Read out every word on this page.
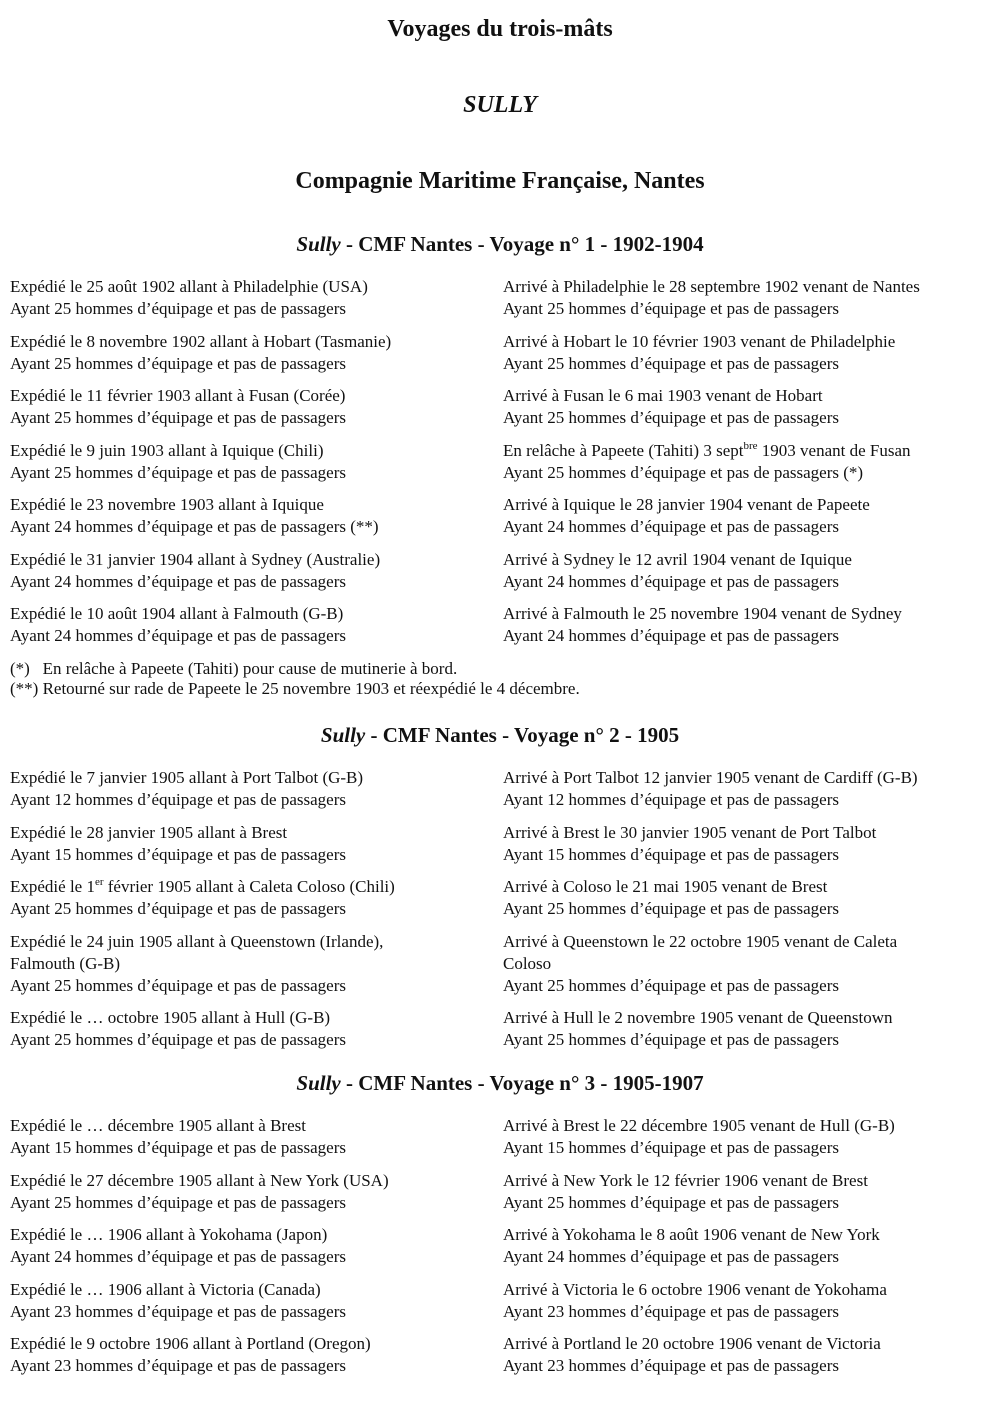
Voyages du trois-mâts
SULLY
Compagnie Maritime Française, Nantes
Sully - CMF Nantes - Voyage n° 1 - 1902-1904
Expédié le 25 août 1902 allant à Philadelphie (USA)
Ayant 25 hommes d’équipage et pas de passagers
Arrivé à Philadelphie le 28 septembre 1902 venant de Nantes
Ayant 25 hommes d’équipage et pas de passagers
Expédié le 8 novembre 1902 allant à Hobart (Tasmanie)
Ayant 25 hommes d’équipage et pas de passagers
Arrivé à Hobart le 10 février 1903 venant de Philadelphie
Ayant 25 hommes d’équipage et pas de passagers
Expédié le 11 février 1903 allant à Fusan (Corée)
Ayant 25 hommes d’équipage et pas de passagers
Arrivé à Fusan le 6 mai 1903 venant de Hobart
Ayant 25 hommes d’équipage et pas de passagers
Expédié le 9 juin 1903 allant à Iquique (Chili)
Ayant 25 hommes d’équipage et pas de passagers
En relâche à Papeete (Tahiti) 3 sept$^{bre}$ 1903 venant de Fusan
Ayant 25 hommes d’équipage et pas de passagers (*)
Expédié le 23 novembre 1903 allant à Iquique
Ayant 24 hommes d’équipage et pas de passagers (**)
Arrivé à Iquique le 28 janvier 1904 venant de Papeete
Ayant 24 hommes d’équipage et pas de passagers
Expédié le 31 janvier 1904 allant à Sydney (Australie)
Ayant 24 hommes d’équipage et pas de passagers
Arrivé à Sydney le 12 avril 1904 venant de Iquique
Ayant 24 hommes d’équipage et pas de passagers
Expédié le 10 août 1904 allant à Falmouth (G-B)
Ayant 24 hommes d’équipage et pas de passagers
Arrivé à Falmouth le 25 novembre 1904 venant de Sydney
Ayant 24 hommes d’équipage et pas de passagers
(*)   En relâche à Papeete (Tahiti) pour cause de mutinerie à bord.
(**) Retourné sur rade de Papeete le 25 novembre 1903 et réexpédié le 4 décembre.
Sully - CMF Nantes - Voyage n° 2 - 1905
Expédié le 7 janvier 1905 allant à Port Talbot (G-B)
Ayant 12 hommes d’équipage et pas de passagers
Arrivé à Port Talbot 12 janvier 1905 venant de Cardiff (G-B)
Ayant 12 hommes d’équipage et pas de passagers
Expédié le 28 janvier 1905 allant à Brest
Ayant 15 hommes d’équipage et pas de passagers
Arrivé à Brest le 30 janvier 1905 venant de Port Talbot
Ayant 15 hommes d’équipage et pas de passagers
Expédié le 1er février 1905 allant à Caleta Coloso (Chili)
Ayant 25 hommes d’équipage et pas de passagers
Arrivé à Coloso le 21 mai 1905 venant de Brest
Ayant 25 hommes d’équipage et pas de passagers
Expédié le 24 juin 1905 allant à Queenstown (Irlande),
Falmouth (G-B)
Ayant 25 hommes d’équipage et pas de passagers
Arrivé à Queenstown le 22 octobre 1905 venant de Caleta
Coloso
Ayant 25 hommes d’équipage et pas de passagers
Expédié le … octobre 1905 allant à Hull (G-B)
Ayant 25 hommes d’équipage et pas de passagers
Arrivé à Hull le 2 novembre 1905 venant de Queenstown
Ayant 25 hommes d’équipage et pas de passagers
Sully - CMF Nantes - Voyage n° 3 - 1905-1907
Expédié le … décembre 1905 allant à Brest
Ayant 15 hommes d’équipage et pas de passagers
Arrivé à Brest le 22 décembre 1905 venant de Hull (G-B)
Ayant 15 hommes d’équipage et pas de passagers
Expédié le 27 décembre 1905 allant à New York (USA)
Ayant 25 hommes d’équipage et pas de passagers
Arrivé à New York le 12 février 1906 venant de Brest
Ayant 25 hommes d’équipage et pas de passagers
Expédié le … 1906 allant à Yokohama (Japon)
Ayant 24 hommes d’équipage et pas de passagers
Arrivé à Yokohama le 8 août 1906 venant de New York
Ayant 24 hommes d’équipage et pas de passagers
Expédié le … 1906 allant à Victoria (Canada)
Ayant 23 hommes d’équipage et pas de passagers
Arrivé à Victoria le 6 octobre 1906 venant de Yokohama
Ayant 23 hommes d’équipage et pas de passagers
Expédié le 9 octobre 1906 allant à Portland (Oregon)
Ayant 23 hommes d’équipage et pas de passagers
Arrivé à Portland le 20 octobre 1906 venant de Victoria
Ayant 23 hommes d’équipage et pas de passagers
